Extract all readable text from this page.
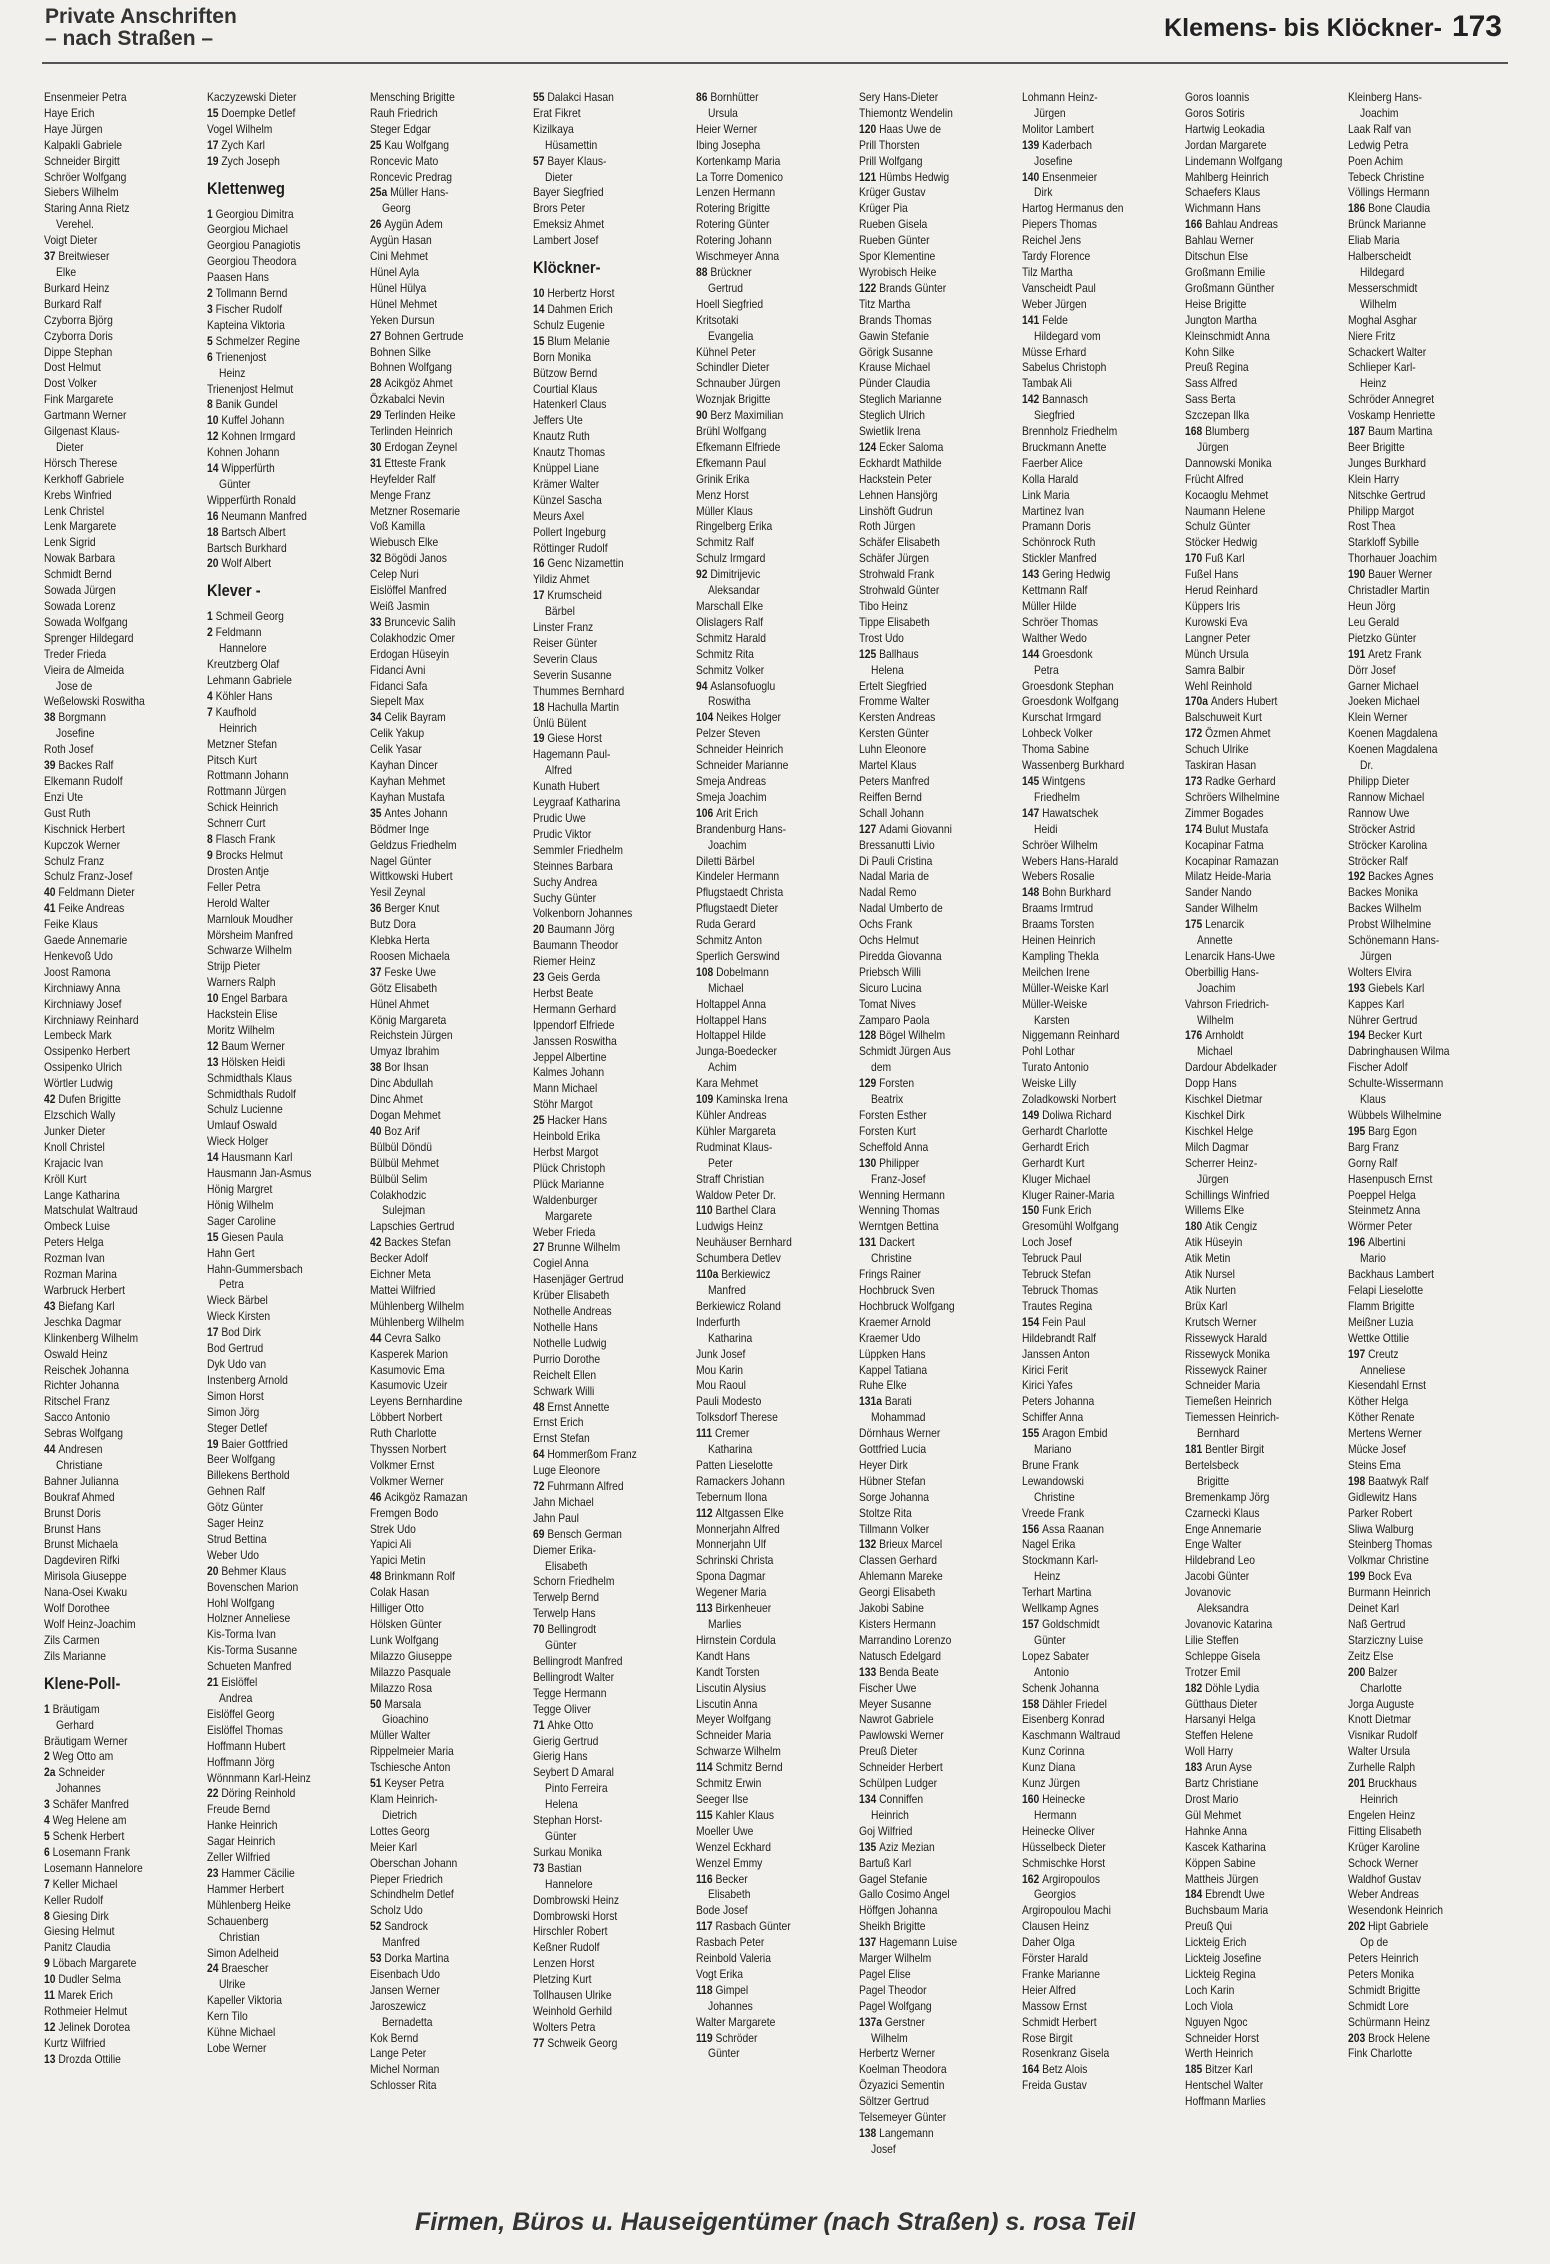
Private Anschriften
– nach Straßen –	Klemens- bis Klöckner- 173
Ensenmeier Petra
Haye Erich
Haye Jürgen
Kalpakli Gabriele
Schneider Birgitt
Schröer Wolfgang
Siebers Wilhelm
Staring Anna Rietz
Verehel.
Voigt Dieter
37 Breitwieser
Elke
Burkard Heinz
Burkard Ralf
Czyborra Björg
Czyborra Doris
Dippe Stephan
Dost Helmut
Dost Volker
Fink Margarete
Gartmann Werner
Gilgenast Klaus-
Dieter
Hörsch Therese
Kerkhoff Gabriele
Krebs Winfried
Lenk Christel
Lenk Margarete
Lenk Sigrid
Nowak Barbara
Schmidt Bernd
Sowada Jürgen
Sowada Lorenz
Sowada Wolfgang
Sprenger Hildegard
Treder Frieda
Vieira de Almeida
Jose de
Weßelowski Roswitha
38 Borgmann
Josefine
Roth Josef
39 Backes Ralf
Elkemann Rudolf
Enzi Ute
Gust Ruth
Kischnick Herbert
Kupczok Werner
Schulz Franz
Schulz Franz-Josef
40 Feldmann Dieter
41 Feike Andreas
Feike Klaus
Gaede Annemarie
Henkevoß Udo
Joost Ramona
Kirchniawy Anna
Kirchniawy Josef
Kirchniawy Reinhard
Lembeck Mark
Ossipenko Herbert
Ossipenko Ulrich
Wörtler Ludwig
42 Dufen Brigitte
Elzschich Wally
Junker Dieter
Knoll Christel
Krajacic Ivan
Kröll Kurt
Lange Katharina
Matschulat Waltraud
Ombeck Luise
Peters Helga
Rozman Ivan
Rozman Marina
Warbruck Herbert
43 Biefang Karl
Jeschka Dagmar
Klinkenberg Wilhelm
Oswald Heinz
Reischek Johanna
Richter Johanna
Ritschel Franz
Sacco Antonio
Sebras Wolfgang
44 Andresen
Christiane
Bahner Julianna
Boukraf Ahmed
Brunst Doris
Brunst Hans
Brunst Michaela
Dagdeviren Rifki
Mirisola Giuseppe
Nana-Osei Kwaku
Wolf Dorothee
Wolf Heinz-Joachim
Zils Carmen
Zils Marianne
Klene-Poll-
1 Bräutigam
Gerhard
Bräutigam Werner
2 Weg Otto am
2a Schneider
Johannes
3 Schäfer Manfred
4 Weg Helene am
5 Schenk Herbert
6 Losemann Frank
Losemann Hannelore
7 Keller Michael
Keller Rudolf
8 Giesing Dirk
Giesing Helmut
Panitz Claudia
9 Löbach Margarete
10 Dudler Selma
11 Marek Erich
Rothmeier Helmut
12 Jelinek Dorotea
Kurtz Wilfried
13 Drozda Ottilie
Kaczyzewski Dieter
15 Doempke Detlef
Vogel Wilhelm
17 Zych Karl
19 Zych Joseph
Klettenweg
1 Georgiou Dimitra
Georgiou Michael
Georgiou Panagiotis
Georgiou Theodora
Paasen Hans
2 Tollmann Bernd
3 Fischer Rudolf
Kapteina Viktoria
5 Schmelzer Regine
6 Trienenjost
Heinz
Trienenjost Helmut
8 Banik Gundel
10 Kuffel Johann
12 Kohnen Irmgard
Kohnen Johann
14 Wipperfürth
Günter
Wipperfürth Ronald
16 Neumann Manfred
18 Bartsch Albert
Bartsch Burkhard
20 Wolf Albert
Klever -
1 Schmeil Georg
2 Feldmann
Hannelore
Kreutzberg Olaf
Lehmann Gabriele
4 Köhler Hans
7 Kaufhold
Heinrich
Metzner Stefan
Pitsch Kurt
Rottmann Johann
Rottmann Jürgen
Schick Heinrich
Schnerr Curt
8 Flasch Frank
9 Brocks Helmut
Drosten Antje
Feller Petra
Herold Walter
Marnlouk Moudher
Mörsheim Manfred
Schwarze Wilhelm
Strijp Pieter
Warners Ralph
10 Engel Barbara
Hackstein Elise
Moritz Wilhelm
12 Baum Werner
13 Hölsken Heidi
Schmidthals Klaus
Schmidthals Rudolf
Schulz Lucienne
Umlauf Oswald
Wieck Holger
14 Hausmann Karl
Hausmann Jan-Asmus
Hönig Margret
Hönig Wilhelm
Sager Caroline
15 Giesen Paula
Hahn Gert
Hahn-Gummersbach
Petra
Wieck Bärbel
Wieck Kirsten
17 Bod Dirk
Bod Gertrud
Dyk Udo van
Instenberg Arnold
Simon Horst
Simon Jörg
Steger Detlef
19 Baier Gottfried
Beer Wolfgang
Billekens Berthold
Gehnen Ralf
Götz Günter
Sager Heinz
Strud Bettina
Weber Udo
20 Behmer Klaus
Bovenschen Marion
Hohl Wolfgang
Holzner Anneliese
Kis-Torma Ivan
Kis-Torma Susanne
Schueten Manfred
21 Eislöffel
Andrea
Eislöffel Georg
Eislöffel Thomas
Hoffmann Hubert
Hoffmann Jörg
Wönnmann Karl-Heinz
22 Döring Reinhold
Freude Bernd
Hanke Heinrich
Sagar Heinrich
Zeller Wilfried
23 Hammer Cäcilie
Hammer Herbert
Mühlenberg Heike
Schauenberg
Christian
Simon Adelheid
24 Braescher
Ulrike
Kapeller Viktoria
Kern Tilo
Kühne Michael
Lobe Werner
Mensching Brigitte
Rauh Friedrich
Steger Edgar
25 Kau Wolfgang
Roncevic Mato
Roncevic Predrag
25a Müller Hans-
Georg
26 Aygün Adem
Aygün Hasan
Cini Mehmet
Hünel Ayla
Hünel Hülya
Hünel Mehmet
Yeken Dursun
27 Bohnen Gertrude
Bohnen Silke
Bohnen Wolfgang
28 Acikgöz Ahmet
Özkabalci Nevin
29 Terlinden Heike
Terlinden Heinrich
30 Erdogan Zeynel
31 Etteste Frank
Heyfelder Ralf
Menge Franz
Metzner Rosemarie
Voß Kamilla
Wiebusch Elke
32 Bögödi Janos
Celep Nuri
Eislöffel Manfred
Weiß Jasmin
33 Bruncevic Salih
Colakhodzic Omer
Erdogan Hüseyin
Fidanci Avni
Fidanci Safa
Siepelt Max
34 Celik Bayram
Celik Yakup
Celik Yasar
Kayhan Dincer
Kayhan Mehmet
Kayhan Mustafa
35 Antes Johann
Bödmer Inge
Geldzus Friedhelm
Nagel Günter
Wittkowski Hubert
Yesil Zeynal
36 Berger Knut
Butz Dora
Klebka Herta
Roosen Michaela
37 Feske Uwe
Götz Elisabeth
Hünel Ahmet
König Margareta
Reichstein Jürgen
Umyaz Ibrahim
38 Bor Ihsan
Dinc Abdullah
Dinc Ahmet
Dogan Mehmet
40 Boz Arif
Bülbül Döndü
Bülbül Mehmet
Bülbül Selim
Colakhodzic
Sulejman
Lapschies Gertrud
42 Backes Stefan
Becker Adolf
Eichner Meta
Mattei Wilfried
Mühlenberg Wilhelm
Mühlenberg Wilhelm
44 Cevra Salko
Kasperek Marion
Kasumovic Ema
Kasumovic Uzeir
Leyens Bernhardine
Löbbert Norbert
Ruth Charlotte
Thyssen Norbert
Volkmer Ernst
Volkmer Werner
46 Acikgöz Ramazan
Fremgen Bodo
Strek Udo
Yapici Ali
Yapici Metin
48 Brinkmann Rolf
Colak Hasan
Hilliger Otto
Hölsken Günter
Lunk Wolfgang
Milazzo Giuseppe
Milazzo Pasquale
Milazzo Rosa
50 Marsala
Gioachino
Müller Walter
Rippelmeier Maria
Tschiesche Anton
51 Keyser Petra
Klam Heinrich-
Dietrich
Lottes Georg
Meier Karl
Oberschan Johann
Pieper Friedrich
Schindhelm Detlef
Scholz Udo
52 Sandrock
Manfred
53 Dorka Martina
Eisenbach Udo
Jansen Werner
Jaroszewicz
Bernadetta
Kok Bernd
Lange Peter
Michel Norman
Schlosser Rita
55 Dalakci Hasan
Erat Fikret
Kizilkaya
Hüsamettin
57 Bayer Klaus-
Dieter
Bayer Siegfried
Brors Peter
Emeksiz Ahmet
Lambert Josef
Klöckner-
10 Herbertz Horst
14 Dahmen Erich
Schulz Eugenie
15 Blum Melanie
Born Monika
Bützow Bernd
Courtial Klaus
Hatenkerl Claus
Jeffers Ute
Knautz Ruth
Knautz Thomas
Knüppel Liane
Krämer Walter
Künzel Sascha
Meurs Axel
Pollert Ingeburg
Röttinger Rudolf
16 Genc Nizamettin
Yildiz Ahmet
17 Krumscheid
Bärbel
Linster Franz
Reiser Günter
Severin Claus
Severin Susanne
Thummes Bernhard
18 Hachulla Martin
Ünlü Bülent
19 Giese Horst
Hagemann Paul-
Alfred
Kunath Hubert
Leygraaf Katharina
Prudic Uwe
Prudic Viktor
Semmler Friedhelm
Steinnes Barbara
Suchy Andrea
Suchy Günter
Volkenborn Johannes
20 Baumann Jörg
Baumann Theodor
Riemer Heinz
23 Geis Gerda
Herbst Beate
Hermann Gerhard
Ippendorf Elfriede
Janssen Roswitha
Jeppel Albertine
Kalmes Johann
Mann Michael
Stöhr Margot
25 Hacker Hans
Heinbold Erika
Herbst Margot
Plück Christoph
Plück Marianne
Waldenburger
Margarete
Weber Frieda
27 Brunne Wilhelm
Cogiel Anna
Hasenjäger Gertrud
Krüber Elisabeth
Nothelle Andreas
Nothelle Hans
Nothelle Ludwig
Purrio Dorothe
Reichelt Ellen
Schwark Willi
48 Ernst Annette
Ernst Erich
Ernst Stefan
64 Hommerßom Franz
Luge Eleonore
72 Fuhrmann Alfred
Jahn Michael
Jahn Paul
69 Bensch German
Diemer Erika-
Elisabeth
Schorn Friedhelm
Terwelp Bernd
Terwelp Hans
70 Bellingrodt
Günter
Bellingrodt Manfred
Bellingrodt Walter
Tegge Hermann
Tegge Oliver
71 Ahke Otto
Gierig Gertrud
Gierig Hans
Seybert D Amaral
Pinto Ferreira
Helena
Stephan Horst-
Günter
Surkau Monika
73 Bastian
Hannelore
Dombrowski Heinz
Dombrowski Horst
Hirschler Robert
Keßner Rudolf
Lenzen Horst
Pletzing Kurt
Tollhausen Ulrike
Weinhold Gerhild
Wolters Petra
77 Schweik Georg
86 Bornhütter
Ursula
Heier Werner
Ibing Josepha
Kortenkamp Maria
La Torre Domenico
Lenzen Hermann
Rotering Brigitte
Rotering Günter
Rotering Johann
Wischmeyer Anna
88 Brückner
Gertrud
Hoell Siegfried
Kritsotaki
Evangelia
Kühnel Peter
Schindler Dieter
Schnauber Jürgen
Woznjak Brigitte
90 Berz Maximilian
Brühl Wolfgang
Efkemann Elfriede
Efkemann Paul
Grinik Erika
Menz Horst
Müller Klaus
Ringelberg Erika
Schmitz Ralf
Schulz Irmgard
92 Dimitrijevic
Aleksandar
Marschall Elke
Olislagers Ralf
Schmitz Harald
Schmitz Rita
Schmitz Volker
94 Aslansofuoglu
Roswitha
104 Neikes Holger
Pelzer Steven
Schneider Heinrich
Schneider Marianne
Smeja Andreas
Smeja Joachim
106 Arit Erich
Brandenburg Hans-
Joachim
Diletti Bärbel
Kindeler Hermann
Pflugstaedt Christa
Pflugstaedt Dieter
Ruda Gerard
Schmitz Anton
Sperlich Gerswind
108 Dobelmann
Michael
Holtappel Anna
Holtappel Hans
Holtappel Hilde
Junga-Boedecker
Achim
Kara Mehmet
109 Kaminska Irena
Kühler Andreas
Kühler Margareta
Rudminat Klaus-
Peter
Straff Christian
Waldow Peter Dr.
110 Barthel Clara
Ludwigs Heinz
Neuhäuser Bernhard
Schumbera Detlev
110a Berkiewicz
Manfred
Berkiewicz Roland
Inderfurth
Katharina
Junk Josef
Mou Karin
Mou Raoul
Pauli Modesto
Tolksdorf Therese
111 Cremer
Katharina
Patten Lieselotte
Ramackers Johann
Tebernum Ilona
112 Altgassen Elke
Monnerjahn Alfred
Monnerjahn Ulf
Schrinski Christa
Spona Dagmar
Wegener Maria
113 Birkenheuer
Marlies
Hirnstein Cordula
Kandt Hans
Kandt Torsten
Liscutin Alysius
Liscutin Anna
Meyer Wolfgang
Schneider Maria
Schwarze Wilhelm
114 Schmitz Bernd
Schmitz Erwin
Seeger Ilse
115 Kahler Klaus
Moeller Uwe
Wenzel Eckhard
Wenzel Emmy
116 Becker
Elisabeth
Bode Josef
117 Rasbach Günter
Rasbach Peter
Reinbold Valeria
Vogt Erika
118 Gimpel
Johannes
Walter Margarete
119 Schröder
Günter
Sery Hans-Dieter
Thiemontz Wendelin
120 Haas Uwe de
Prill Thorsten
Prill Wolfgang
121 Hümbs Hedwig
Krüger Gustav
Krüger Pia
Rueben Gisela
Rueben Günter
Spor Klementine
Wyrobisch Heike
122 Brands Günter
Titz Martha
Brands Thomas
Gawin Stefanie
Görigk Susanne
Krause Michael
Pünder Claudia
Steglich Marianne
Steglich Ulrich
Swietlik Irena
124 Ecker Saloma
Eckhardt Mathilde
Hackstein Peter
Lehnen Hansjörg
Linshöft Gudrun
Roth Jürgen
Schäfer Elisabeth
Schäfer Jürgen
Strohwald Frank
Strohwald Günter
Tibo Heinz
Tippe Elisabeth
Trost Udo
125 Ballhaus
Helena
Ertelt Siegfried
Fromme Walter
Kersten Andreas
Kersten Günter
Luhn Eleonore
Martel Klaus
Peters Manfred
Reiffen Bernd
Schall Johann
127 Adami Giovanni
Bressanutti Livio
Di Pauli Cristina
Nadal Maria de
Nadal Remo
Nadal Umberto de
Ochs Frank
Ochs Helmut
Piredda Giovanna
Priebsch Willi
Sicuro Lucina
Tomat Nives
Zamparo Paola
128 Bögel Wilhelm
Schmidt Jürgen Aus
dem
129 Forsten
Beatrix
Forsten Esther
Forsten Kurt
Scheffold Anna
130 Philipper
Franz-Josef
Wenning Hermann
Wenning Thomas
Werntgen Bettina
131 Dackert
Christine
Frings Rainer
Hochbruck Sven
Hochbruck Wolfgang
Kraemer Arnold
Kraemer Udo
Lüppken Hans
Kappel Tatiana
Ruhe Elke
131a Barati
Mohammad
Dörnhaus Werner
Gottfried Lucia
Heyer Dirk
Hübner Stefan
Sorge Johanna
Stoltze Rita
Tillmann Volker
132 Brieux Marcel
Classen Gerhard
Ahlemann Mareke
Georgi Elisabeth
Jakobi Sabine
Kisters Hermann
Marrandino Lorenzo
Natusch Edelgard
133 Benda Beate
Fischer Uwe
Meyer Susanne
Nawrot Gabriele
Pawlowski Werner
Preuß Dieter
Schneider Herbert
Schülpen Ludger
134 Conniffen
Heinrich
Goj Wilfried
135 Aziz Mezian
Bartuß Karl
Gagel Stefanie
Gallo Cosimo Angel
Höffgen Johanna
Sheikh Brigitte
137 Hagemann Luise
Marger Wilhelm
Pagel Elise
Pagel Theodor
Pagel Wolfgang
137a Gerstner
Wilhelm
Herbertz Werner
Koelman Theodora
Özyazici Sementin
Söltzer Gertrud
Telsemeyer Günter
138 Langemann
Josef
Lohmann Heinz-
Jürgen
Molitor Lambert
139 Kaderbach
Josefine
140 Ensenmeier
Dirk
Hartog Hermanus den
Piepers Thomas
Reichel Jens
Tardy Florence
Tilz Martha
Vanscheidt Paul
Weber Jürgen
141 Felde
Hildegard vom
Müsse Erhard
Sabelus Christoph
Tambak Ali
142 Bannasch
Siegfried
Brennholz Friedhelm
Bruckmann Anette
Faerber Alice
Kolla Harald
Link Maria
Martinez Ivan
Pramann Doris
Schönrock Ruth
Stickler Manfred
143 Gering Hedwig
Kettmann Ralf
Müller Hilde
Schröer Thomas
Walther Wedo
144 Groesdonk
Petra
Groesdonk Stephan
Groesdonk Wolfgang
Kurschat Irmgard
Lohbeck Volker
Thoma Sabine
Wassenberg Burkhard
145 Wintgens
Friedhelm
147 Hawatschek
Heidi
Schröer Wilhelm
Webers Hans-Harald
Webers Rosalie
148 Bohn Burkhard
Braams Irmtrud
Braams Torsten
Heinen Heinrich
Kampling Thekla
Meilchen Irene
Müller-Weiske Karl
Müller-Weiske
Karsten
Niggemann Reinhard
Pohl Lothar
Turato Antonio
Weiske Lilly
Zoladkowski Norbert
149 Doliwa Richard
Gerhardt Charlotte
Gerhardt Erich
Gerhardt Kurt
Kluger Michael
Kluger Rainer-Maria
150 Funk Erich
Gresomühl Wolfgang
Loch Josef
Tebruck Paul
Tebruck Stefan
Tebruck Thomas
Trautes Regina
154 Fein Paul
Hildebrandt Ralf
Janssen Anton
Kirici Ferit
Kirici Yafes
Peters Johanna
Schiffer Anna
155 Aragon Embid
Mariano
Brune Frank
Lewandowski
Christine
Vreede Frank
156 Assa Raanan
Nagel Erika
Stockmann Karl-
Heinz
Terhart Martina
Wellkamp Agnes
157 Goldschmidt
Günter
Lopez Sabater
Antonio
Schenk Johanna
158 Dähler Friedel
Eisenberg Konrad
Kaschmann Waltraud
Kunz Corinna
Kunz Diana
Kunz Jürgen
160 Heinecke
Hermann
Heinecke Oliver
Hüsselbeck Dieter
Schmischke Horst
162 Argiropoulos
Georgios
Argiropoulou Machi
Clausen Heinz
Daher Olga
Förster Harald
Franke Marianne
Heier Alfred
Massow Ernst
Schmidt Herbert
Rose Birgit
Rosenkranz Gisela
164 Betz Alois
Freida Gustav
Goros Ioannis
Goros Sotiris
Hartwig Leokadia
Jordan Margarete
Lindemann Wolfgang
Mahlberg Heinrich
Schaefers Klaus
Wichmann Hans
166 Bahlau Andreas
Bahlau Werner
Ditschun Else
Großmann Emilie
Großmann Günther
Heise Brigitte
Jungton Martha
Kleinschmidt Anna
Kohn Silke
Preuß Regina
Sass Alfred
Sass Berta
Szczepan Ilka
168 Blumberg
Jürgen
Dannowski Monika
Frücht Alfred
Kocaoglu Mehmet
Naumann Helene
Schulz Günter
Stöcker Hedwig
170 Fuß Karl
Fußel Hans
Herud Reinhard
Küppers Iris
Kurowski Eva
Langner Peter
Münch Ursula
Samra Balbir
Wehl Reinhold
170a Anders Hubert
Balschuweit Kurt
172 Özmen Ahmet
Schuch Ulrike
Taskiran Hasan
173 Radke Gerhard
Schröers Wilhelmine
Zimmer Bogades
174 Bulut Mustafa
Kocapinar Fatma
Kocapinar Ramazan
Milatz Heide-Maria
Sander Nando
Sander Wilhelm
175 Lenarcik
Annette
Lenarcik Hans-Uwe
Oberbillig Hans-
Joachim
Vahrson Friedrich-
Wilhelm
176 Arnholdt
Michael
Dardour Abdelkader
Dopp Hans
Kischkel Dietmar
Kischkel Dirk
Kischkel Helge
Milch Dagmar
Scherrer Heinz-
Jürgen
Schillings Winfried
Willems Elke
180 Atik Cengiz
Atik Hüseyin
Atik Metin
Atik Nursel
Atik Nurten
Brüx Karl
Krutsch Werner
Rissewyck Harald
Rissewyck Monika
Rissewyck Rainer
Schneider Maria
Tiemeßen Heinrich
Tiemessen Heinrich-
Bernhard
181 Bentler Birgit
Bertelsbeck
Brigitte
Bremenkamp Jörg
Czarnecki Klaus
Enge Annemarie
Enge Walter
Hildebrand Leo
Jacobi Günter
Jovanovic
Aleksandra
Jovanovic Katarina
Lilie Steffen
Schleppe Gisela
Trotzer Emil
182 Döhle Lydia
Gütthaus Dieter
Harsanyi Helga
Steffen Helene
Woll Harry
183 Arun Ayse
Bartz Christiane
Drost Mario
Gül Mehmet
Hahnke Anna
Kascek Katharina
Köppen Sabine
Mattheis Jürgen
184 Ebrendt Uwe
Buchsbaum Maria
Preuß Qui
Lickteig Erich
Lickteig Josefine
Lickteig Regina
Loch Karin
Loch Viola
Nguyen Ngoc
Schneider Horst
Werth Heinrich
185 Bitzer Karl
Hentschel Walter
Hoffmann Marlies
Kleinberg Hans-
Joachim
Laak Ralf van
Ledwig Petra
Poen Achim
Tebeck Christine
Völlings Hermann
186 Bone Claudia
Brünck Marianne
Eliab Maria
Halberscheidt
Hildegard
Messerschmidt
Wilhelm
Moghal Asghar
Niere Fritz
Schackert Walter
Schlieper Karl-
Heinz
Schröder Annegret
Voskamp Henriette
187 Baum Martina
Beer Brigitte
Junges Burkhard
Klein Harry
Nitschke Gertrud
Philipp Margot
Rost Thea
Starkloff Sybille
Thorhauer Joachim
190 Bauer Werner
Christadler Martin
Heun Jörg
Leu Gerald
Pietzko Günter
191 Aretz Frank
Dörr Josef
Garner Michael
Joeken Michael
Klein Werner
Koenen Magdalena
Koenen Magdalena
Dr.
Philipp Dieter
Rannow Michael
Rannow Uwe
Ströcker Astrid
Ströcker Karolina
Ströcker Ralf
192 Backes Agnes
Backes Monika
Backes Wilhelm
Probst Wilhelmine
Schönemann Hans-
Jürgen
Wolters Elvira
193 Giebels Karl
Kappes Karl
Nührer Gertrud
194 Becker Kurt
Dabringhausen Wilma
Fischer Adolf
Schulte-Wissermann
Klaus
Wübbels Wilhelmine
195 Barg Egon
Barg Franz
Gorny Ralf
Hasenpusch Ernst
Poeppel Helga
Steinmetz Anna
Wörmer Peter
196 Albertini
Mario
Backhaus Lambert
Felapi Lieselotte
Flamm Brigitte
Meißner Luzia
Wettke Ottilie
197 Creutz
Anneliese
Kiesendahl Ernst
Köther Helga
Köther Renate
Mertens Werner
Mücke Josef
Steins Ema
198 Baatwyk Ralf
Gidlewitz Hans
Parker Robert
Sliwa Walburg
Steinberg Thomas
Volkmar Christine
199 Bock Eva
Burmann Heinrich
Deinet Karl
Naß Gertrud
Starziczny Luise
Zeitz Else
200 Balzer
Charlotte
Jorga Auguste
Knott Dietmar
Visnikar Rudolf
Walter Ursula
Zurhelle Ralph
201 Bruckhaus
Heinrich
Engelen Heinz
Fitting Elisabeth
Krüger Karoline
Schock Werner
Waldhof Gustav
Weber Andreas
Wesendonk Heinrich
202 Hipt Gabriele
Op de
Peters Heinrich
Peters Monika
Schmidt Brigitte
Schmidt Lore
Schürmann Heinz
203 Brock Helene
Fink Charlotte
Firmen, Büros u. Hauseigentümer (nach Straßen) s. rosa Teil
